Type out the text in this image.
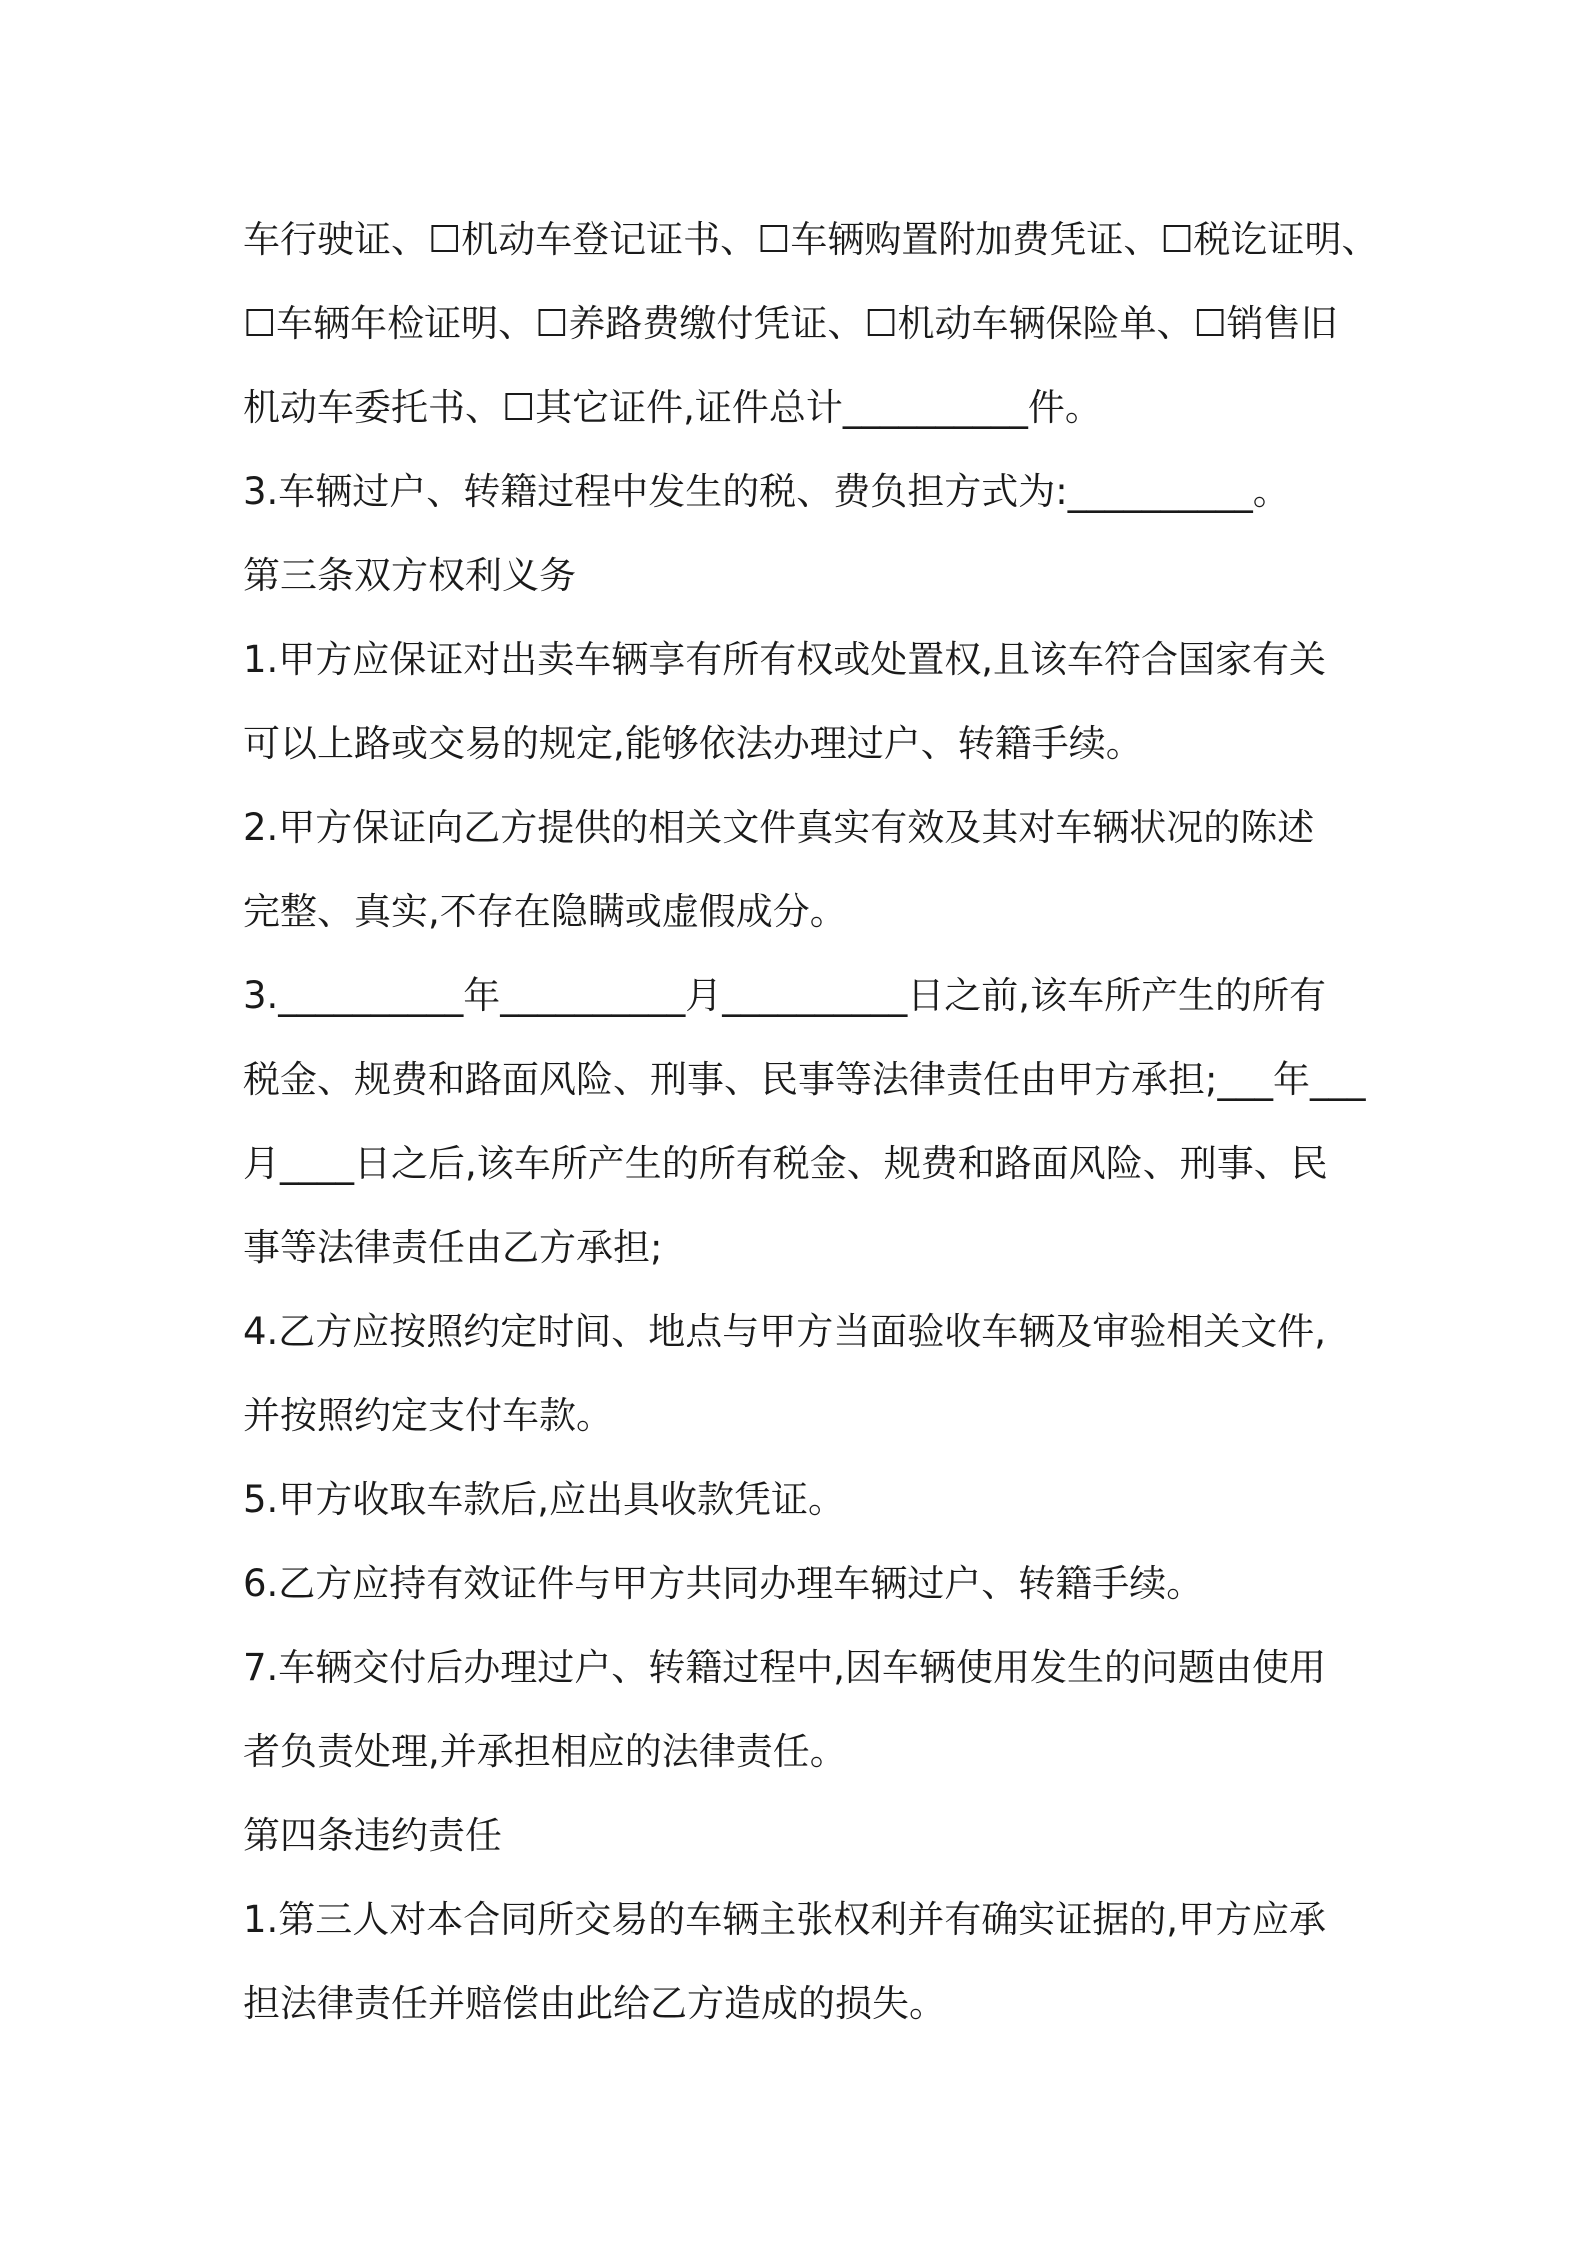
车行驶证、☐机动车登记证书、☐车辆购置附加费凭证、☐税讫证明、
☐车辆年检证明、☐养路费缴付凭证、☐机动车辆保险单、☐销售旧
机动车委托书、☐其它证件,证件总计__________件。
3.车辆过户、转籍过程中发生的税、费负担方式为:__________。
第三条双方权利义务
1.甲方应保证对出卖车辆享有所有权或处置权,且该车符合国家有关
可以上路或交易的规定,能够依法办理过户、转籍手续。
2.甲方保证向乙方提供的相关文件真实有效及其对车辆状况的陈述
完整、真实,不存在隐瞒或虚假成分。
3.__________年__________月__________日之前,该车所产生的所有
税金、规费和路面风险、刑事、民事等法律责任由甲方承担;___年___
月____日之后,该车所产生的所有税金、规费和路面风险、刑事、民
事等法律责任由乙方承担;
4.乙方应按照约定时间、地点与甲方当面验收车辆及审验相关文件,
并按照约定支付车款。
5.甲方收取车款后,应出具收款凭证。
6.乙方应持有效证件与甲方共同办理车辆过户、转籍手续。
7.车辆交付后办理过户、转籍过程中,因车辆使用发生的问题由使用
者负责处理,并承担相应的法律责任。
第四条违约责任
1.第三人对本合同所交易的车辆主张权利并有确实证据的,甲方应承
担法律责任并赔偿由此给乙方造成的损失。
